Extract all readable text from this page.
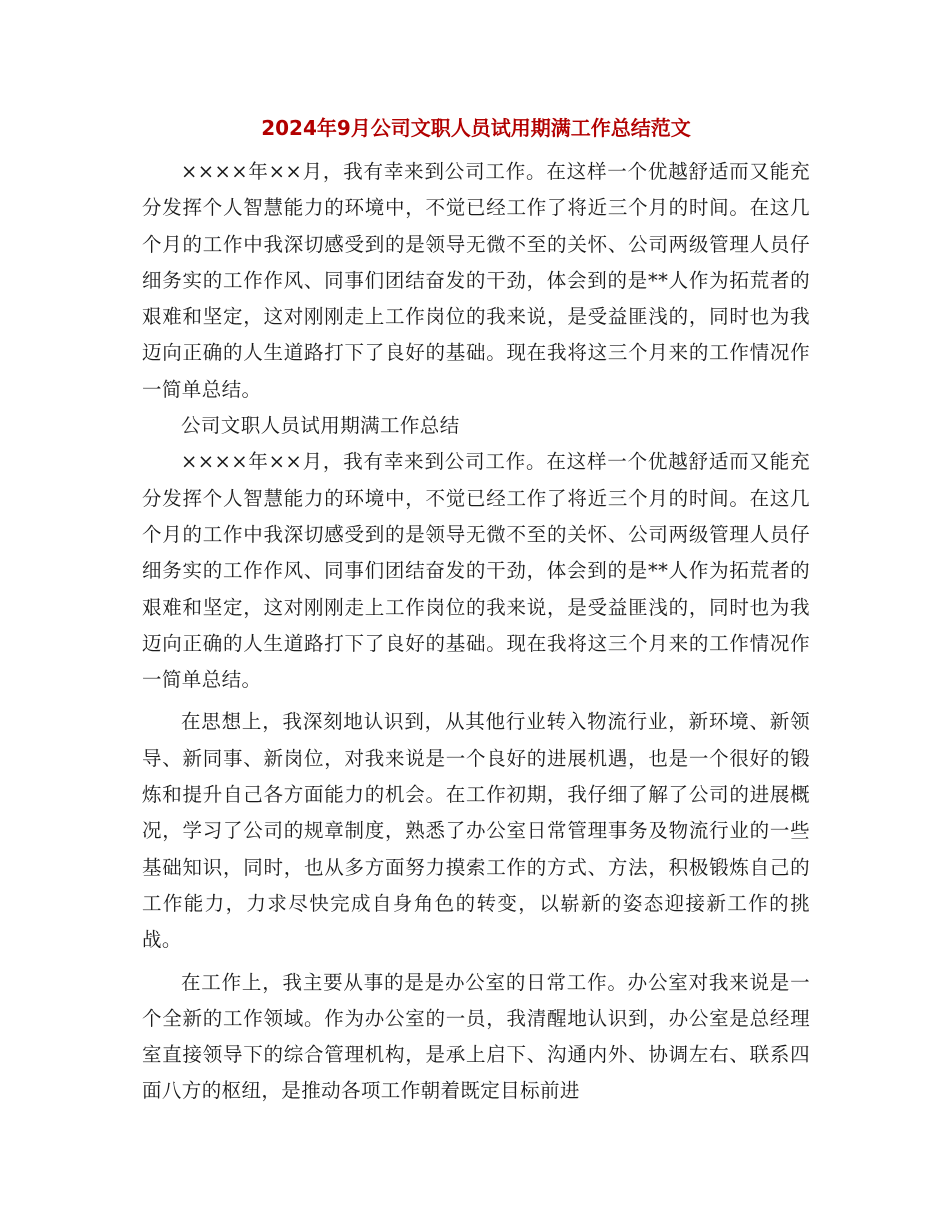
2024年9月公司文职人员试用期满工作总结范文

××××年××月，我有幸来到公司工作。在这样一个优越舒适而又能充分发挥个人智慧能力的环境中，不觉已经工作了将近三个月的时间。在这几个月的工作中我深切感受到的是领导无微不至的关怀、公司两级管理人员仔细务实的工作作风、同事们团结奋发的干劲，体会到的是**人作为拓荒者的艰难和坚定，这对刚刚走上工作岗位的我来说，是受益匪浅的，同时也为我迈向正确的人生道路打下了良好的基础。现在我将这三个月来的工作情况作一简单总结。

公司文职人员试用期满工作总结

××××年××月，我有幸来到公司工作。在这样一个优越舒适而又能充分发挥个人智慧能力的环境中，不觉已经工作了将近三个月的时间。在这几个月的工作中我深切感受到的是领导无微不至的关怀、公司两级管理人员仔细务实的工作作风、同事们团结奋发的干劲，体会到的是**人作为拓荒者的艰难和坚定，这对刚刚走上工作岗位的我来说，是受益匪浅的，同时也为我迈向正确的人生道路打下了良好的基础。现在我将这三个月来的工作情况作一简单总结。

在思想上，我深刻地认识到，从其他行业转入物流行业，新环境、新领导、新同事、新岗位，对我来说是一个良好的进展机遇，也是一个很好的锻炼和提升自己各方面能力的机会。在工作初期，我仔细了解了公司的进展概况，学习了公司的规章制度，熟悉了办公室日常管理事务及物流行业的一些基础知识，同时，也从多方面努力摸索工作的方式、方法，积极锻炼自己的工作能力，力求尽快完成自身角色的转变，以崭新的姿态迎接新工作的挑战。

在工作上，我主要从事的是是办公室的日常工作。办公室对我来说是一个全新的工作领域。作为办公室的一员，我清醒地认识到，办公室是总经理室直接领导下的综合管理机构，是承上启下、沟通内外、协调左右、联系四面八方的枢纽，是推动各项工作朝着既定目标前进
